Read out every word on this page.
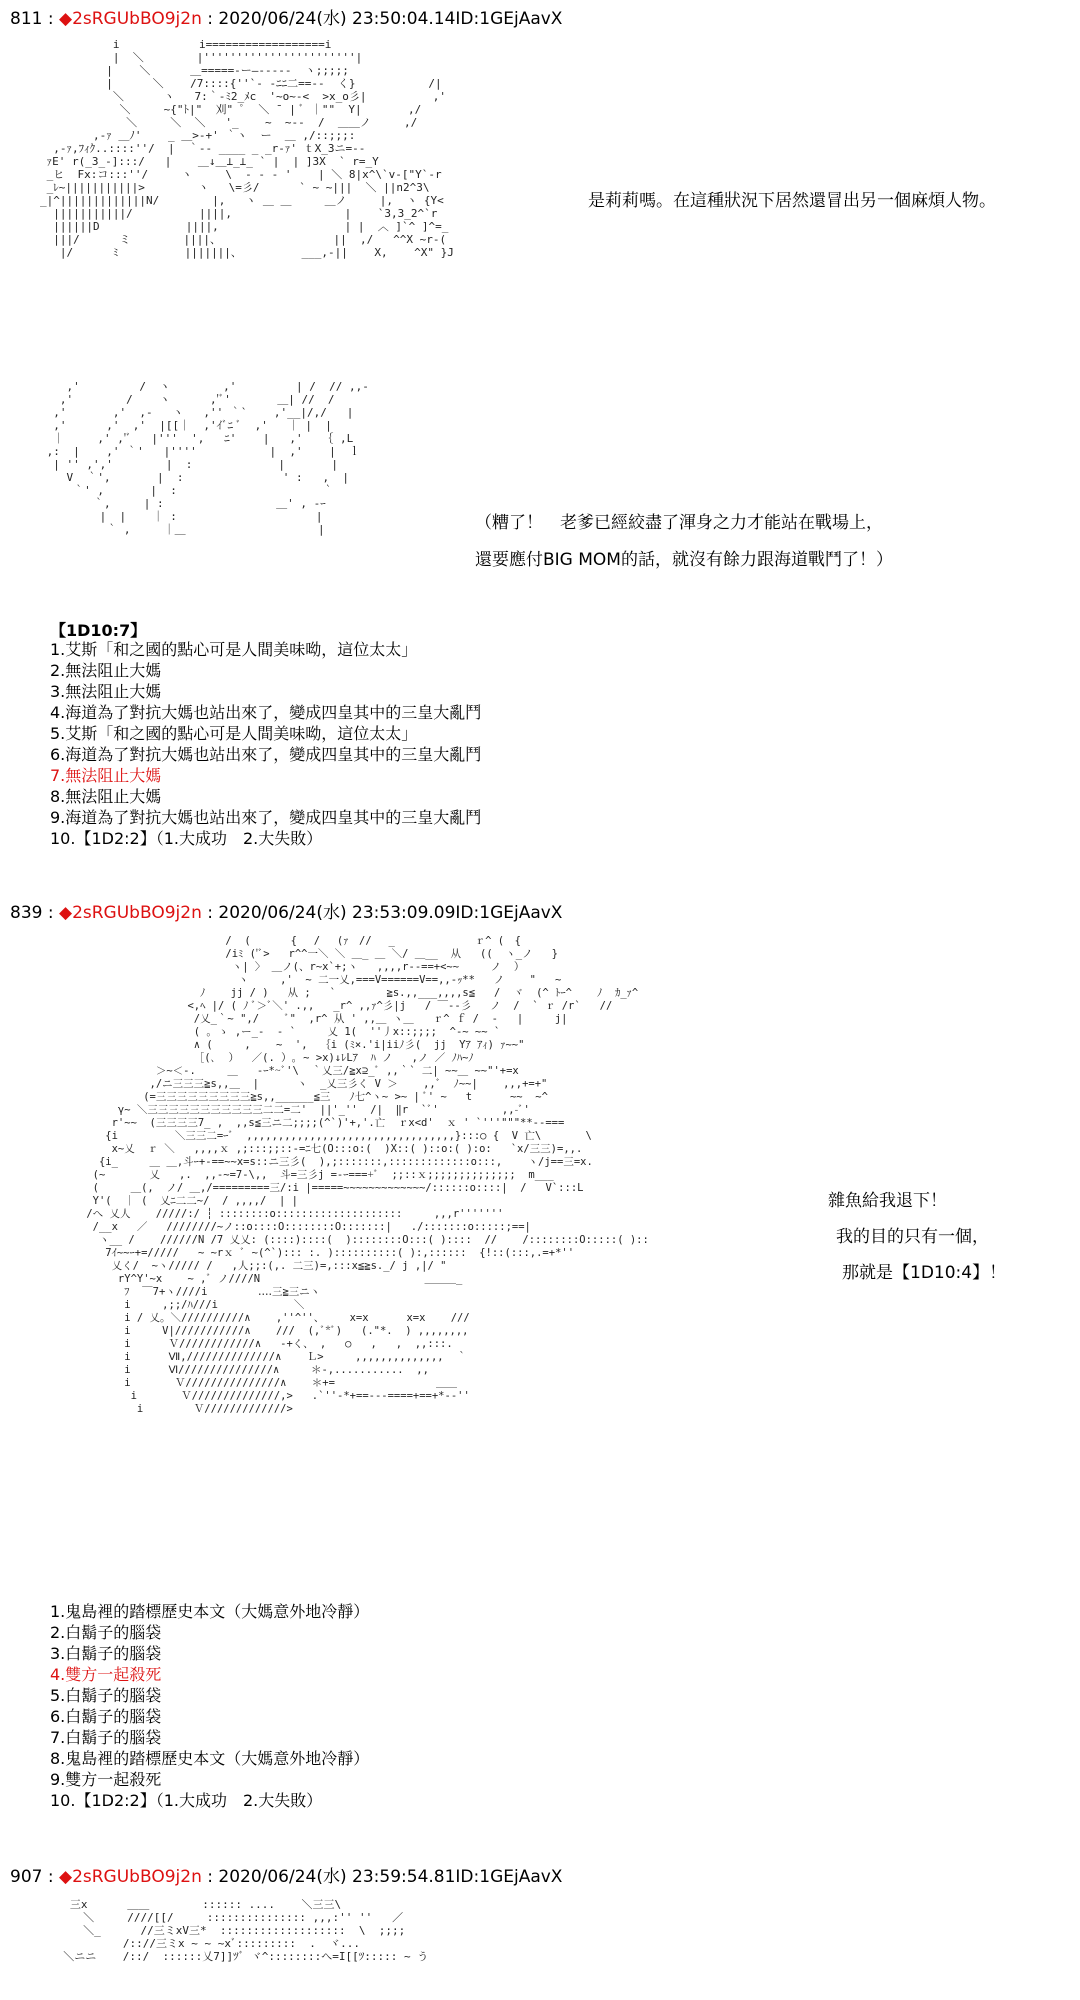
811 : ◆2sRGUbBO9j2n : 2020/06/24(水) 23:50:04.14ID:1GEjAavX
i            i==================i
|  ＼        |'''''''''''''''''''''''|
|    ＼      ＿=====-ー―-----  ヽ;;;;;
|      ＼    /7::::{''`- -ﾆﾆ二==--  く}           /|
＼      ヽ   7:｀-ﾐ2_ﾒc  '~o~-<  >x_o彡|          ,'
＼     ~{"ﾄ|"  刈" ﾟ  ＼ ̄  | ﾞ ｜""  Y|       ,/
＼     ＼  ＼   '_    ~  ~--  /  ＿＿ノ     ,/
,-ｧ ＿ﾉ'    _ ＿>-+' ｀ヽ  ー  ＿ ,/::;;;:
,-ｧ,ﾌｨｸ..::::''/  |  ｀-- ____ _ _r-ｧ' ｔX_3ニ=--
ｧE' r(_3_-]:::/   |    ＿↓＿⊥_⊥_ ` |  | ]3X  ` r=_Y
_ヒ  Fx:コ:::''/     ヽ     \  - - - '    | ＼ 8|x^\`v-["Y`-r
_ﾚ~|||||||||||>        ヽ   \=彡/      ` ~ ~|||  ＼ ||n2^3\
_|^|||||||||||||N/        |,   ヽ ＿ ＿     ＿ノ     |,  ヽ {Y<
|||||||||||/          ||||,                 |    `3,3_2^`r
||||||D             ||||,                   | |  ︿ ]`^ ]^=_
|||/      ミ        ||||、                 ||  ,/   ^^X ~r-(
|/      ﾐ          |||||||、         ___,-||    X,    ^X" }J
是莉莉嗎。在這種狀況下居然還冒出另一個麻煩人物。
,'         /  ヽ        ,'         | /  // ,,-
,'        /    ヽ      ,'ﾞ'       ＿| //  /
,'       ,'  ,-   ヽ   ,'' ｀`    ,'__|/,/   |
,'      ,'  ,'  |[[｜  ,'ｲﾞﾆ ﾞ  ,'   ｜ |  |
｜     ,' ,'ﾞ   |'''  ',   ﾆ'    |   ,'   ｛ ,L
,:  |    ,' ｀'   |''''           |  ,'    |  ｌ
| '' ,','        |  :             |       |
V  ｀',       |  :               ' :   ,  |
｀' ,       |  :                      ｀
｀,     | :                 ＿' , -ｰ
|  |    ｜ :                     |
｀ ,     ｜＿                    |	（糟了！　老爹已經絞盡了渾身之力才能站在戰場上，
還要應付BIG MOM的話，就沒有餘力跟海道戰鬥了！）
【1D10:7】
1.艾斯「和之國的點心可是人間美味呦，這位太太」
2.無法阻止大媽
3.無法阻止大媽
4.海道為了對抗大媽也站出來了，變成四皇其中的三皇大亂鬥
5.艾斯「和之國的點心可是人間美味呦，這位太太」
6.海道為了對抗大媽也站出來了，變成四皇其中的三皇大亂鬥
7.無法阻止大媽
8.無法阻止大媽
9.海道為了對抗大媽也站出來了，變成四皇其中的三皇大亂鬥
10.【1D2:2】（1.大成功　2.大失敗）
839 : ◆2sRGUbBO9j2n : 2020/06/24(水) 23:53:09.09ID:1GEjAavX
/  ( 　 　 {　 /　 (ｧ　//　 _　　　　 　　　ｒ^ (　{
/iﾐ ('ﾞ>   r^^一＼ ＼ ＿_ ＿ ＼/ ＿__  从   ((  ヽ_ノ   }
ヽ| 〉 ＿ノ(、r~x`+;ヽ   ,,,,r--==+<~~     ノ  ）
ヽ     ,'  ~ 二一乂,===V======V==,,-ｯ**   ノ    "   ~
ﾉ    jj / )   从 ;   `        ≧s.,,___,,,,s≦   /  ヾ  (^ ﾄｰ^    ﾉ  ｶ_ｧ^
<,ﾍ |/ ( ﾉ ﾞ＞ﾞ＼' .,,   _r^ ,,ｧ^彡|j   / ￣--彡   ノ  /  ` ｒ /r`   //
/乂_｀~ ",/    ﾞ"  ,r^ 从 ' ,,＿ ヽ＿   ｒ^ ｆ /  -   |     j|
( ｡ ゝ ,ー_-  - `     乂 1(  ''丿x::;;;;  ^-~ ~~ `
∧ (     ,    ~  ',  ｛i (ﾐ×.'i|iiﾉ彡(  jj  Yｱ ｱｨ) ｧ~~"
［(､  ）  ／(. ）｡ ~ >x)↓ﾚLｱ  ﾊ ノ   ,ノ ／ ﾉﾊ~ﾉ
＞~＜-.     ＿   -ｰ*~ﾞ'\  ｀乂三/≧x⊇_ﾞ ,,｀` 二| ~~＿ ~~"'+=x
,/ニ三三三≧s,,＿  |      ヽ  _乂三彡く V ＞    ,,ﾞ  ﾉ~~|    ,,,+=+"
(=三三三三三三三三三≧s,,______≦三   ﾉ七^ヽ~ >~ | ﾞ' ~   t      ~~  ~^
γ~ ＼三三三三三三三三三三三二二=二'  ||'_''  /|  ‖r  `ﾞ'          ,,-ﾞ'
r'~~  (三三三三7_ ,  ,,s≦三ニ二;;;;(^`)'+,'.亡  ｒx<d'  ｘ ' `'''"""**--===
{i         ＼三三二=ｰﾞ  ,,,,,,,,,,,,,,,,,,,,,,,,,,,,,,,,,}:::○ {  V 亡\       \
x~乂  ｒ ＼   ,,,,ｘ ,;:::;;::-=ﾆ七(O:::o:(  )X::( )::o:( ):o:   `x/三三)=,,.
{i_     ＿ ＿,斗ｰ+-==~~x=s::ニ三彡(  ),;:::::::,:::::::::::::o:::,    ヽ/j==三=x.
(~       乂   ,.  ,,-~=7-\,,  斗=三彡j =-ｰ===+ﾞ  ;;::ｘ;;;;;;;;;;;;;;  m___
(     ＿(,  ノ/ ＿,/=========三/:i |=====~~~~~~~~~~~~~/::::::o::::|  /   V`:::L
Y'(  ｜ (  乂ﾆ二二~/  / ,,,,/  | |
/へ 乂人    /////:/ ┆ ::::::::o::::::::::::::::::::     ,,,r'''''''
/__x   ／   ////////~ノ::o::::O::::::::O:::::::|   ./:::::::o:::::;==|
ヽ__ /    //////N /7 乂乂: (::::)::::(  )::::::::O:::( )::::  //    /::::::::O:::::( )::
7ｲ~~ｰ+=/////   ~ ~rｘ ﾞ ~(^`)::: :. )::::::::::( ):,::::::  {!::(:::,.=+*''
乂く/  ~ヽ///// /   ,人;;:(,. 二三)=,:::x≦≧s._/ j ,|/ "
rY^Y'~x    ~ ,ﾞ ノ////N                          ＿＿＿_
ﾌ  ￣7+ヽ////i        ‥‥三≧三ニヽ
i     ,;;/ﾊ///i            ＼
i / 乂。＼//////////∧    ,''^''、    x=x      x=x    ///
i     V|///////////∧    ///  (,ﾞ*ﾞ)   (."*.  ) ,,,,,,,,
i      Ｖ////////////∧   -+く、 ,   ○   ,   ,  ,,:::.
i      Ⅶ,//////////////∧    Ｌ>     ,,,,,,,,,,,,,,  ｀
i      Ⅵ///////////////∧     ＊-,...........  ,,
i       Ｖ///////////////∧    ＊+=                ＿＿
i       Ｖ//////////////,>   .`''-*+==---====+==+*--''
i        Ｖ/////////////>
雜魚給我退下！
我的目的只有一個，
那就是【1D10:4】！
1.鬼島裡的踏標歷史本文（大媽意外地冷靜）
2.白鬍子的腦袋
3.白鬍子的腦袋
4.雙方一起殺死
5.白鬍子的腦袋
6.白鬍子的腦袋
7.白鬍子的腦袋
8.鬼島裡的踏標歷史本文（大媽意外地冷靜）
9.雙方一起殺死
10.【1D2:2】（1.大成功　2.大失敗）
907 : ◆2sRGUbBO9j2n : 2020/06/24(水) 23:59:54.81ID:1GEjAavX
三x      ＿＿        :::::: ....    ＼三三\
＼     ////[[/     ::::::::::::::: ,,,:'' ''   ／
＼_      //三ミxV三*  :::::::::::::::::::  \  ;;;;
/:://三ミx ~ ~ ~xﾞ:::::::::  .  ヾ...
＼ニニ    /::/  ::::::乂7]]ﾂﾞ ヾ^::::::::へ=I[[ﾂ::::: ~ う
